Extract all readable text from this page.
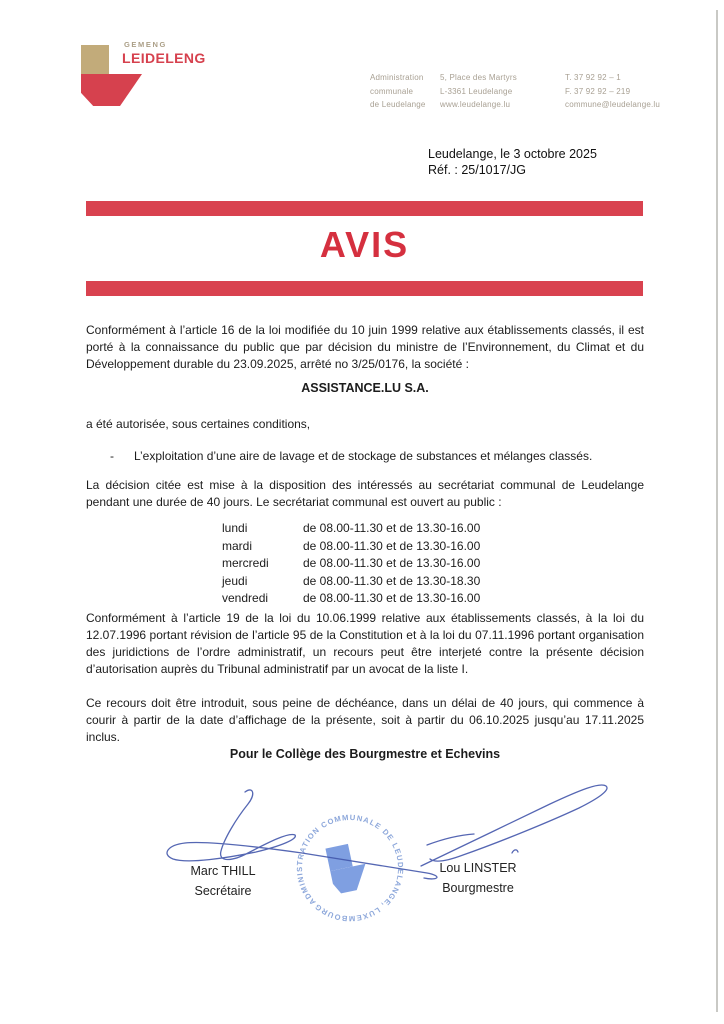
GEMENG
LEIDELENG
Administration
communale
de Leudelange
5, Place des Martyrs
L-3361 Leudelange
www.leudelange.lu
T. 37 92 92 – 1
F. 37 92 92 – 219
commune@leudelange.lu
Leudelange, le 3 octobre 2025
Réf. : 25/1017/JG
AVIS
Conformément à l’article 16 de la loi modifiée du 10 juin 1999 relative aux établissements classés, il est porté à la connaissance du public que par décision du ministre de l’Environnement, du Climat et du Développement durable du 23.09.2025, arrêté no 3/25/0176, la société :
ASSISTANCE.LU S.A.
a été autorisée, sous certaines conditions,
- L’exploitation d’une aire de lavage et de stockage de substances et mélanges classés.
La décision citée est mise à la disposition des intéressés au secrétariat communal de Leudelange pendant une durée de 40 jours. Le secrétariat communal est ouvert au public :
lundi	de 08.00-11.30 et de 13.30-16.00
mardi	de 08.00-11.30 et de 13.30-16.00
mercredi	de 08.00-11.30 et de 13.30-16.00
jeudi	de 08.00-11.30 et de 13.30-18.30
vendredi	de 08.00-11.30 et de 13.30-16.00
Conformément à l’article 19 de la loi du 10.06.1999 relative aux établissements classés, à la loi du 12.07.1996 portant révision de l’article 95 de la Constitution et à la loi du 07.11.1996 portant organisation des juridictions de l’ordre administratif, un recours peut être interjeté contre la présente décision d’autorisation auprès du Tribunal administratif par un avocat de la liste I.
Ce recours doit être introduit, sous peine de déchéance, dans un délai de 40 jours, qui commence à courir à partir de la date d’affichage de la présente, soit à partir du 06.10.2025 jusqu’au 17.11.2025 inclus.
Pour le Collège des Bourgmestre et Echevins
Marc THILL
Secrétaire
Lou LINSTER
Bourgmestre
ADMINISTRATION COMMUNALE DE LEUDELANGE, LUXEMBOURG
